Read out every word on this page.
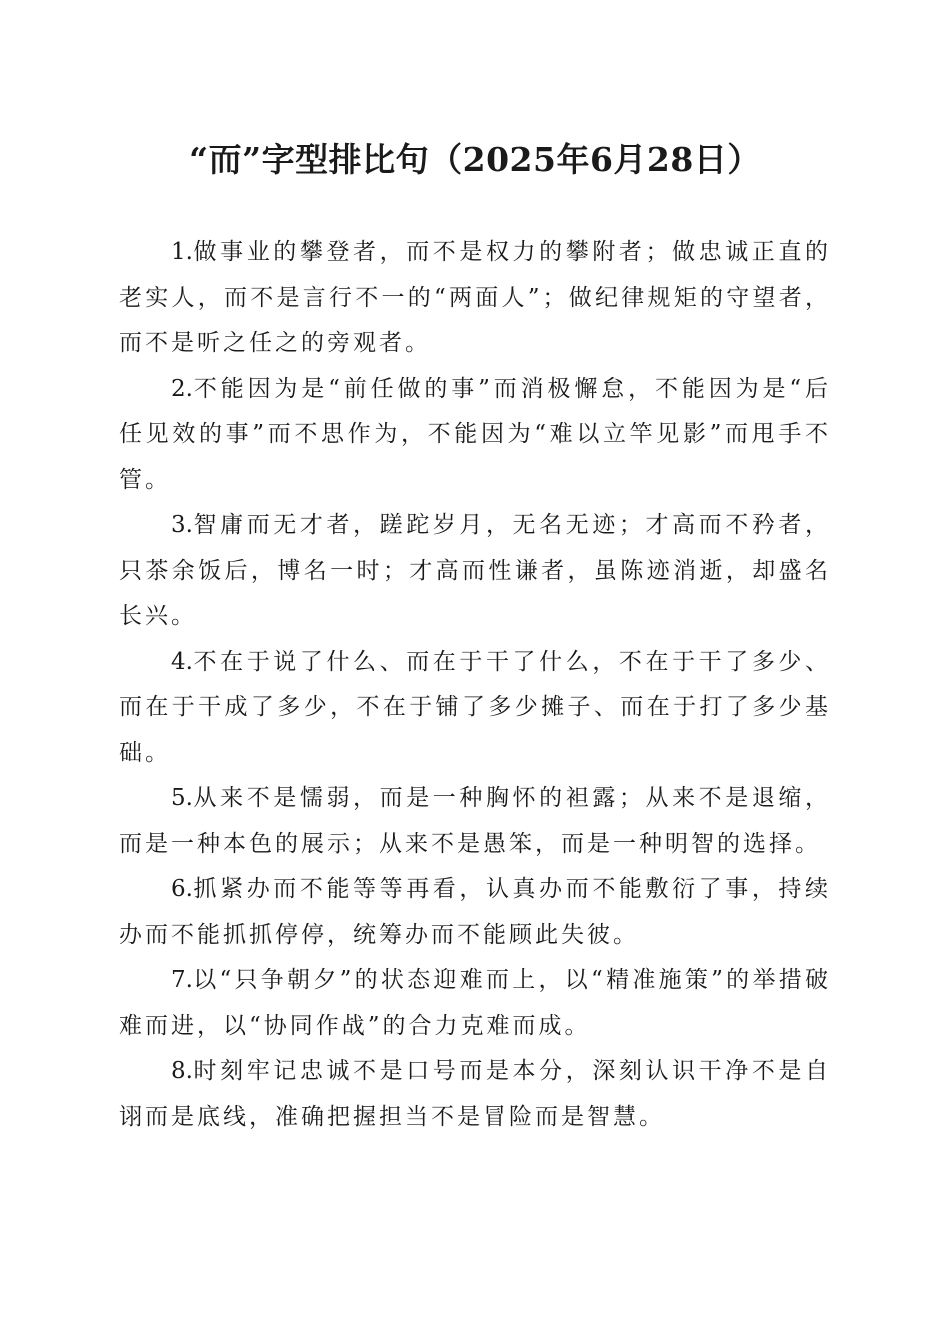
“而”字型排比句（2025年6月28日）

1.做事业的攀登者，而不是权力的攀附者；做忠诚正直的老实人，而不是言行不一的“两面人”；做纪律规矩的守望者，而不是听之任之的旁观者。

2.不能因为是“前任做的事”而消极懈怠，不能因为是“后任见效的事”而不思作为，不能因为“难以立竿见影”而甩手不管。

3.智庸而无才者，蹉跎岁月，无名无迹；才高而不矜者，只茶余饭后，博名一时；才高而性谦者，虽陈迹消逝，却盛名长兴。

4.不在于说了什么、而在于干了什么，不在于干了多少、而在于干成了多少，不在于铺了多少摊子、而在于打了多少基础。

5.从来不是懦弱，而是一种胸怀的袒露；从来不是退缩，而是一种本色的展示；从来不是愚笨，而是一种明智的选择。

6.抓紧办而不能等等再看，认真办而不能敷衍了事，持续办而不能抓抓停停，统筹办而不能顾此失彼。

7.以“只争朝夕”的状态迎难而上，以“精准施策”的举措破难而进，以“协同作战”的合力克难而成。

8.时刻牢记忠诚不是口号而是本分，深刻认识干净不是自诩而是底线，准确把握担当不是冒险而是智慧。
